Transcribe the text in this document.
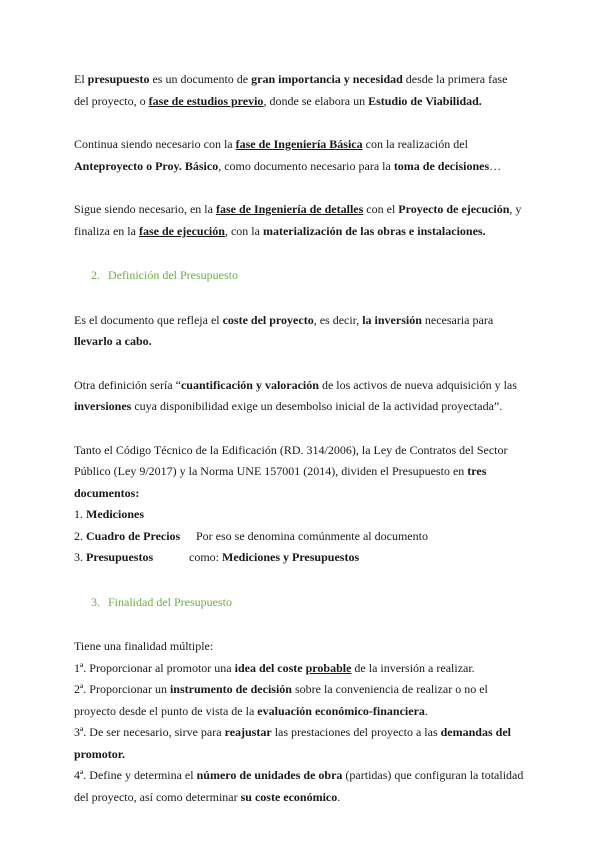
El presupuesto es un documento de gran importancia y necesidad desde la primera fase del proyecto, o fase de estudios previo, donde se elabora un Estudio de Viabilidad.

Continua siendo necesario con la fase de Ingeniería Básica con la realización del Anteproyecto o Proy. Básico, como documento necesario para la toma de decisiones…

Sigue siendo necesario, en la fase de Ingeniería de detalles con el Proyecto de ejecución, y finaliza en la fase de ejecución, con la materialización de las obras e instalaciones.

2. Definición del Presupuesto

Es el documento que refleja el coste del proyecto, es decir, la inversión necesaria para llevarlo a cabo.

Otra definición sería “cuantificación y valoración de los activos de nueva adquisición y las inversiones cuya disponibilidad exige un desembolso inicial de la actividad proyectada”.

Tanto el Código Técnico de la Edificación (RD. 314/2006), la Ley de Contratos del Sector Público (Ley 9/2017) y la Norma UNE 157001 (2014), dividen el Presupuesto en tres documentos:

1. Mediciones

2. Cuadro de Precios Por eso se denomina comúnmente al documento

3. Presupuestos	como: Mediciones y Presupuestos

3. Finalidad del Presupuesto

Tiene una finalidad múltiple:

1ª. Proporcionar al promotor una idea del coste probable de la inversión a realizar.

2ª. Proporcionar un instrumento de decisión sobre la conveniencia de realizar o no el proyecto desde el punto de vista de la evaluación económico-financiera.

3ª. De ser necesario, sirve para reajustar las prestaciones del proyecto a las demandas del promotor.

4ª. Define y determina el número de unidades de obra (partidas) que configuran la totalidad del proyecto, así como determinar su coste económico.
